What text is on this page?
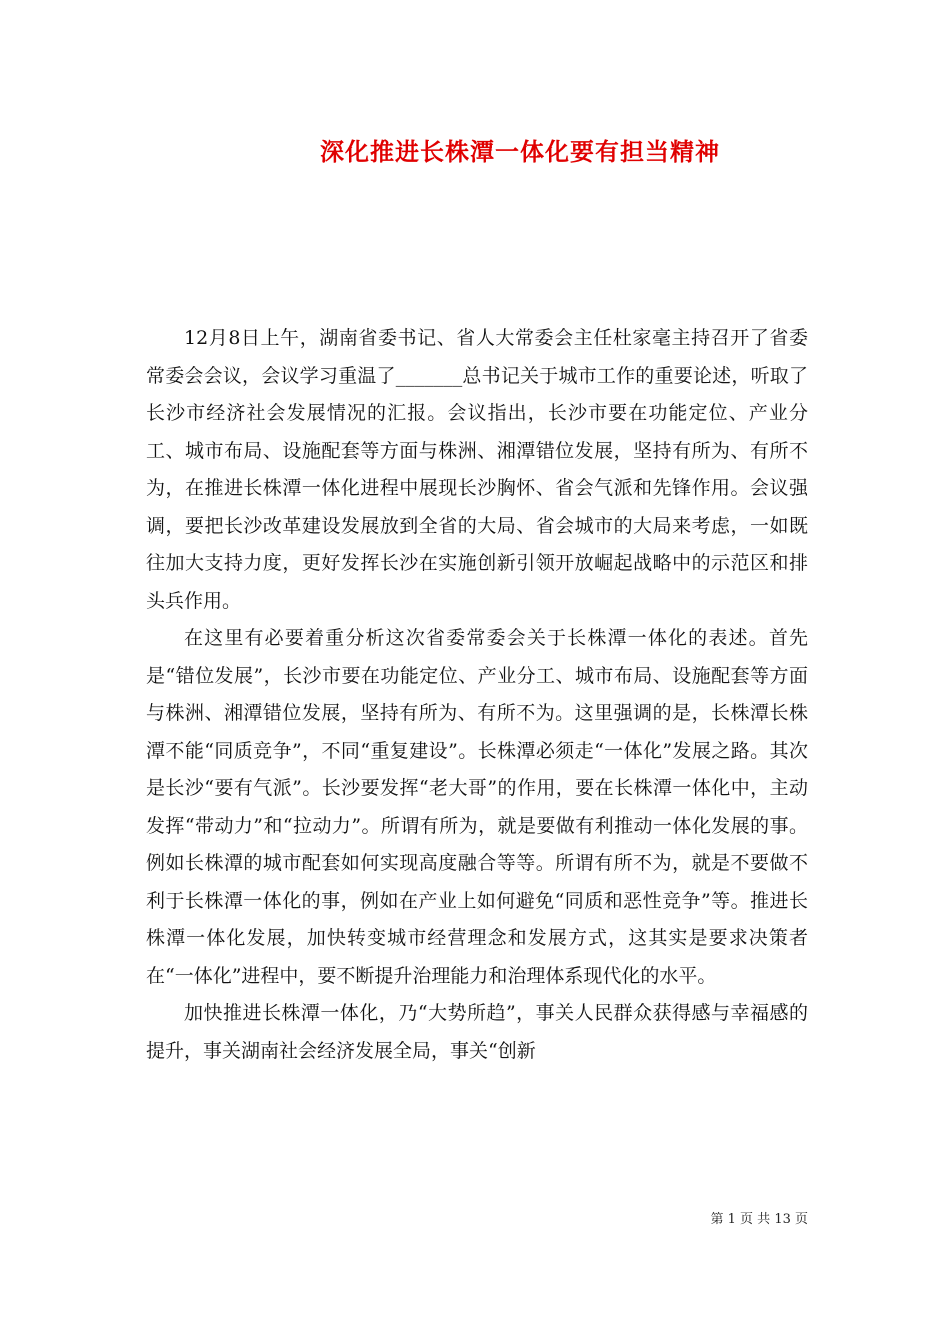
深化推进长株潭一体化要有担当精神

12月8日上午，湖南省委书记、省人大常委会主任杜家毫主持召开了省委常委会会议，会议学习重温了_______总书记关于城市工作的重要论述，听取了长沙市经济社会发展情况的汇报。会议指出，长沙市要在功能定位、产业分工、城市布局、设施配套等方面与株洲、湘潭错位发展，坚持有所为、有所不为，在推进长株潭一体化进程中展现长沙胸怀、省会气派和先锋作用。会议强调，要把长沙改革建设发展放到全省的大局、省会城市的大局来考虑，一如既往加大支持力度，更好发挥长沙在实施创新引领开放崛起战略中的示范区和排头兵作用。

在这里有必要着重分析这次省委常委会关于长株潭一体化的表述。首先是“错位发展”，长沙市要在功能定位、产业分工、城市布局、设施配套等方面与株洲、湘潭错位发展，坚持有所为、有所不为。这里强调的是，长株潭长株潭不能“同质竞争”，不同“重复建设”。长株潭必须走“一体化”发展之路。其次是长沙“要有气派”。长沙要发挥“老大哥”的作用，要在长株潭一体化中，主动发挥“带动力”和“拉动力”。所谓有所为，就是要做有利推动一体化发展的事。例如长株潭的城市配套如何实现高度融合等等。所谓有所不为，就是不要做不利于长株潭一体化的事，例如在产业上如何避免“同质和恶性竞争”等。推进长株潭一体化发展，加快转变城市经营理念和发展方式，这其实是要求决策者在“一体化”进程中，要不断提升治理能力和治理体系现代化的水平。

加快推进长株潭一体化，乃“大势所趋”，事关人民群众获得感与幸福感的提升，事关湖南社会经济发展全局，事关“创新

第 1 页 共 13 页
